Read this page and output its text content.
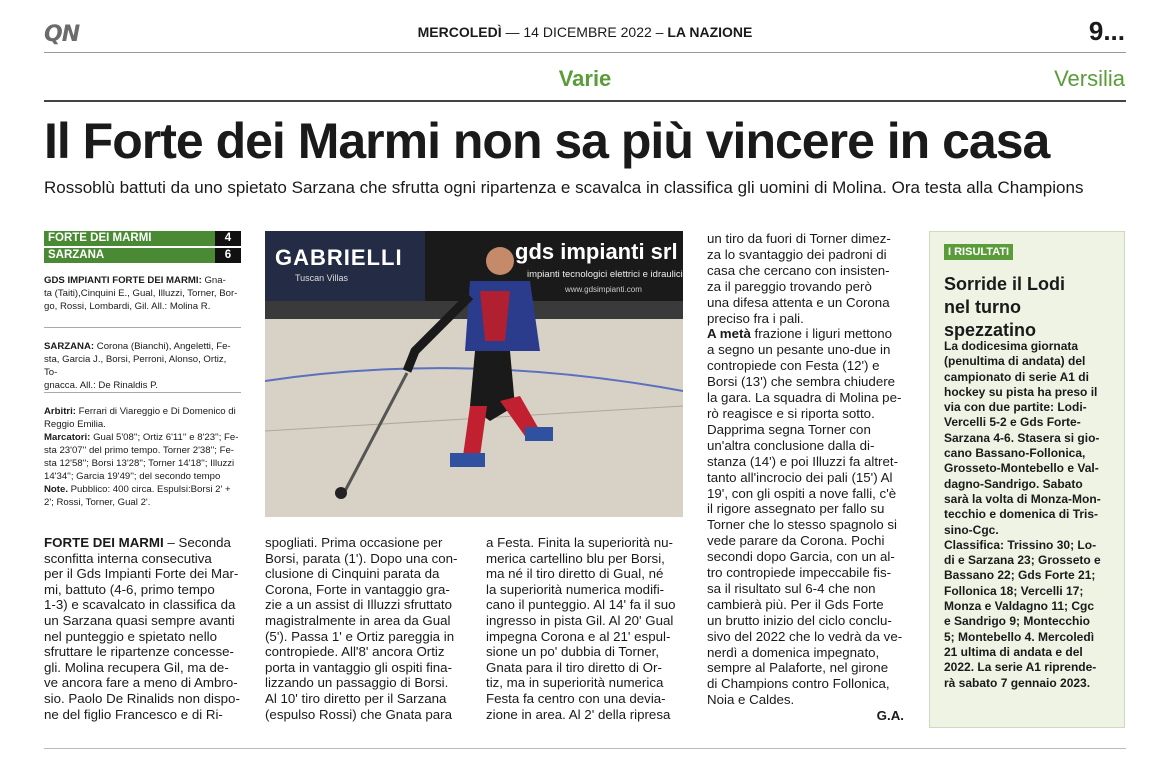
QN	MERCOLEDÌ — 14 DICEMBRE 2022 – LA NAZIONE	9...
Varie	Versilia
Il Forte dei Marmi non sa più vincere in casa
Rossoblù battuti da uno spietato Sarzana che sfrutta ogni ripartenza e scavalca in classifica gli uomini di Molina. Ora testa alla Champions
FORTE DEI MARMI	4
SARZANA	6
GDS IMPIANTI FORTE DEI MARMI: Gna-
ta (Taiti),Cinquini E., Gual, Illuzzi, Torner, Bor-
go, Rossi, Lombardi, Gil. All.: Molina R.
SARZANA: Corona (Bianchi), Angeletti, Fe-
sta, Garcia J., Borsi, Perroni, Alonso, Ortiz, To-
gnacca. All.: De Rinaldis P.
Arbitri: Ferrari di Viareggio e Di Domenico di
Reggio Emilia.
Marcatori: Gual 5'08''; Ortiz 6'11'' e 8'23''; Fe-
sta 23'07'' del primo tempo. Torner 2'38''; Fe-
sta 12'58''; Borsi 13'28''; Torner 14'18''; Illuzzi
14'34''; Garcia 19'49''; del secondo tempo
Note. Pubblico: 400 circa. Espulsi:Borsi 2' +
2'; Rossi, Torner, Gual 2'.
GABRIELLI
Tuscan Villas
gds impianti srl
impianti tecnologici elettrici e idraulici
www.gdsimpianti.com
FORTE DEI MARMI – Seconda
sconfitta interna consecutiva
per il Gds Impianti Forte dei Mar-
mi, battuto (4-6, primo tempo
1-3) e scavalcato in classifica da
un Sarzana quasi sempre avanti
nel punteggio e spietato nello
sfruttare le ripartenze concesse-
gli. Molina recupera Gil, ma de-
ve ancora fare a meno di Ambro-
sio. Paolo De Rinalids non dispo-
ne del figlio Francesco e di Ri-
spogliati. Prima occasione per
Borsi, parata (1'). Dopo una con-
clusione di Cinquini parata da
Corona, Forte in vantaggio gra-
zie a un assist di Illuzzi sfruttato
magistralmente in area da Gual
(5'). Passa 1' e Ortiz pareggia in
contropiede. All'8' ancora Ortiz
porta in vantaggio gli ospiti fina-
lizzando un passaggio di Borsi.
Al 10' tiro diretto per il Sarzana
(espulso Rossi) che Gnata para
a Festa. Finita la superiorità nu-
merica cartellino blu per Borsi,
ma né il tiro diretto di Gual, né
la superiorità numerica modifi-
cano il punteggio. Al 14' fa il suo
ingresso in pista Gil. Al 20' Gual
impegna Corona e al 21' espul-
sione un po' dubbia di Torner,
Gnata para il tiro diretto di Or-
tiz, ma in superiorità numerica
Festa fa centro con una devia-
zione in area. Al 2' della ripresa
un tiro da fuori di Torner dimez-
za lo svantaggio dei padroni di
casa che cercano con insisten-
za il pareggio trovando però
una difesa attenta e un Corona
preciso fra i pali.
A metà frazione i liguri mettono
a segno un pesante uno-due in
contropiede con Festa (12') e
Borsi (13') che sembra chiudere
la gara. La squadra di Molina pe-
rò reagisce e si riporta sotto.
Dapprima segna Torner con
un'altra conclusione dalla di-
stanza (14') e poi Illuzzi fa altret-
tanto all'incrocio dei pali (15') Al
19', con gli ospiti a nove falli, c'è
il rigore assegnato per fallo su
Torner che lo stesso spagnolo si
vede parare da Corona. Pochi
secondi dopo Garcia, con un al-
tro contropiede impeccabile fis-
sa il risultato sul 6-4 che non
cambierà più. Per il Gds Forte
un brutto inizio del ciclo conclu-
sivo del 2022 che lo vedrà da ve-
nerdì a domenica impegnato,
sempre al Palaforte, nel girone
di Champions contro Follonica,
Noia e Caldes.
G.A.
I RISULTATI
Sorride il Lodi
nel turno spezzatino
La dodicesima giornata
(penultima di andata) del
campionato di serie A1 di
hockey su pista ha preso il
via con due partite: Lodi-
Vercelli 5-2 e Gds Forte-
Sarzana 4-6. Stasera si gio-
cano Bassano-Follonica,
Grosseto-Montebello e Val-
dagno-Sandrigo. Sabato
sarà la volta di Monza-Mon-
tecchio e domenica di Tris-
sino-Cgc.
Classifica: Trissino 30; Lo-
di e Sarzana 23; Grosseto e
Bassano 22; Gds Forte 21;
Follonica 18; Vercelli 17;
Monza e Valdagno 11; Cgc
e Sandrigo 9; Montecchio
5; Montebello 4. Mercoledì
21 ultima di andata e del
2022. La serie A1 riprende-
rà sabato 7 gennaio 2023.
